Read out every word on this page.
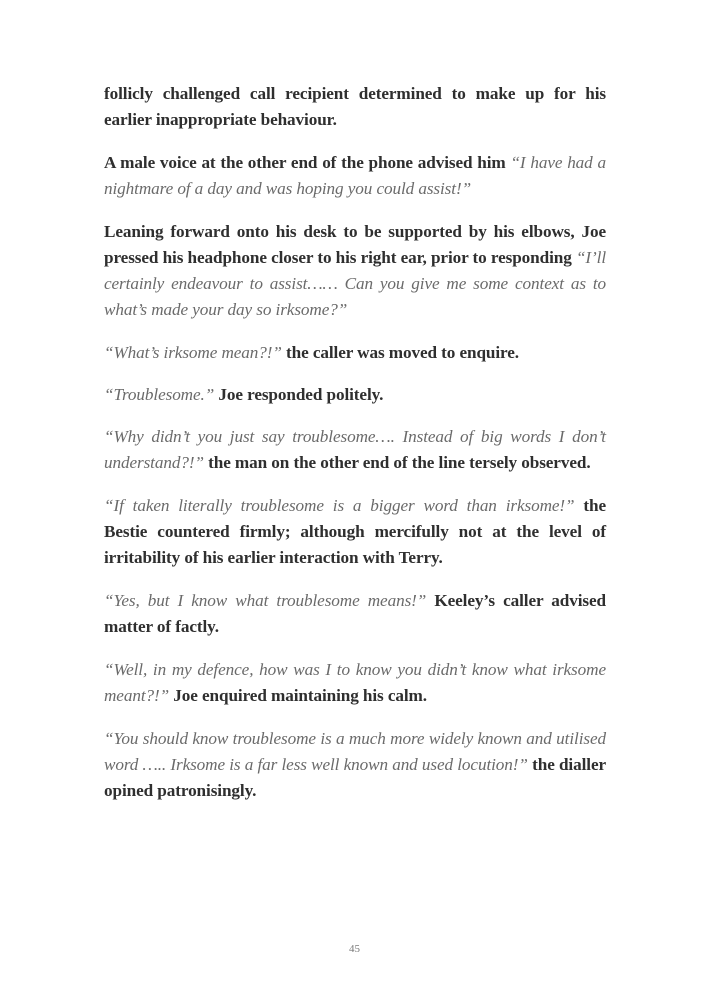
follicly challenged call recipient determined to make up for his earlier inappropriate behaviour.

A male voice at the other end of the phone advised him “I have had a nightmare of a day and was hoping you could assist!”

Leaning forward onto his desk to be supported by his elbows, Joe pressed his headphone closer to his right ear, prior to responding “I’ll certainly endeavour to assist…… Can you give me some context as to what’s made your day so irksome?”

“What’s irksome mean?!” the caller was moved to enquire.

“Troublesome.” Joe responded politely.

“Why didn’t you just say troublesome…. Instead of big words I don’t understand?!” the man on the other end of the line tersely observed.

“If taken literally troublesome is a bigger word than irksome!” the Bestie countered firmly; although mercifully not at the level of irritability of his earlier interaction with Terry.

“Yes, but I know what troublesome means!” Keeley’s caller advised matter of factly.

“Well, in my defence, how was I to know you didn’t know what irksome meant?!” Joe enquired maintaining his calm.

“You should know troublesome is a much more widely known and utilised word ….. Irksome is a far less well known and used locution!” the dialler opined patronisingly.

45
